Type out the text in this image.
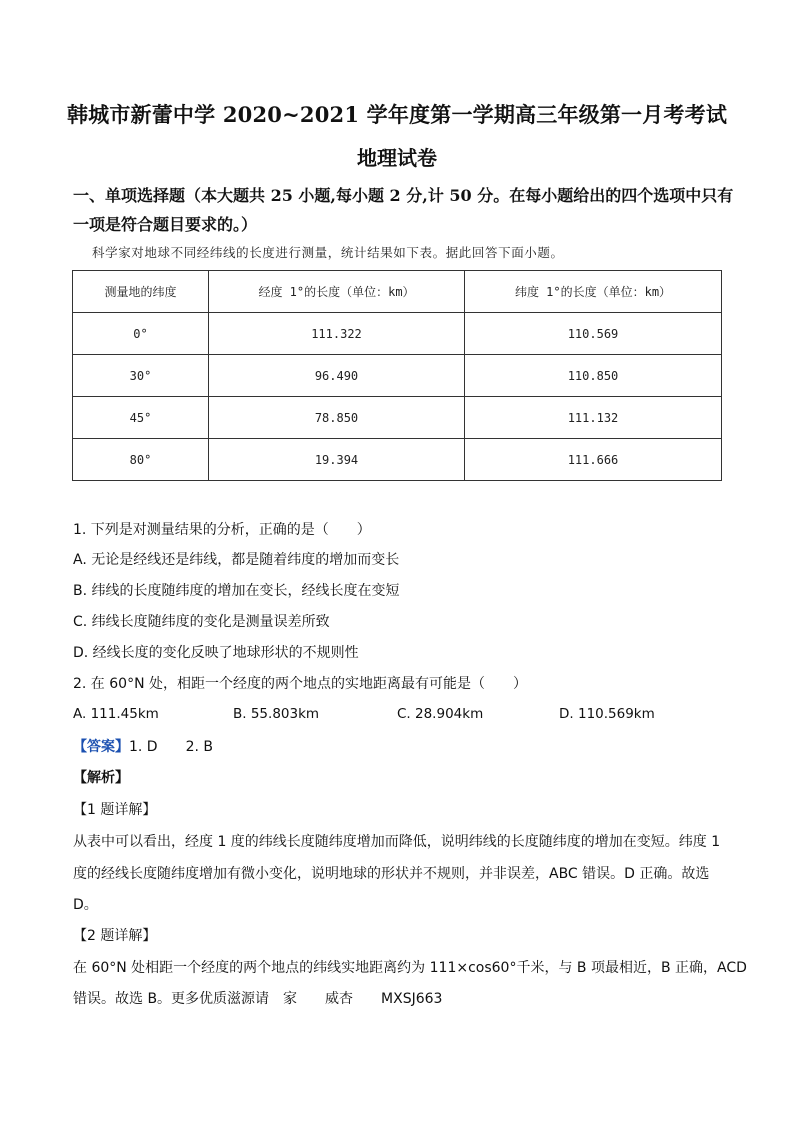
韩城市新蕾中学 2020~2021 学年度第一学期高三年级第一月考考试
地理试卷
一、单项选择题（本大题共 25 小题,每小题 2 分,计 50 分。在每小题给出的四个选项中只有
一项是符合题目要求的。）
科学家对地球不同经纬线的长度进行测量，统计结果如下表。据此回答下面小题。
测量地的纬度	经度 1°的长度（单位：km）	纬度 1°的长度（单位：km）
0°	111.322	110.569
30°	96.490	110.850
45°	78.850	111.132
80°	19.394	111.666
1. 下列是对测量结果的分析，正确的是（　　）
A. 无论是经线还是纬线，都是随着纬度的增加而变长
B. 纬线的长度随纬度的增加在变长，经线长度在变短
C. 纬线长度随纬度的变化是测量误差所致
D. 经线长度的变化反映了地球形状的不规则性
2. 在 60°N 处，相距一个经度的两个地点的实地距离最有可能是（　　）
A. 111.45km	B. 55.803km	C. 28.904km	D. 110.569km
【答案】1. D　　2. B
【解析】
【1 题详解】
从表中可以看出，经度 1 度的纬线长度随纬度增加而降低，说明纬线的长度随纬度的增加在变短。纬度 1
度的经线长度随纬度增加有微小变化，说明地球的形状并不规则，并非误差，ABC 错误。D 正确。故选
D。
【2 题详解】
在 60°N 处相距一个经度的两个地点的纬线实地距离约为 111×cos60°千米，与 B 项最相近，B 正确，ACD
错误。故选 B。更多优质滋源请　家　　威杏　　MXSJ663
